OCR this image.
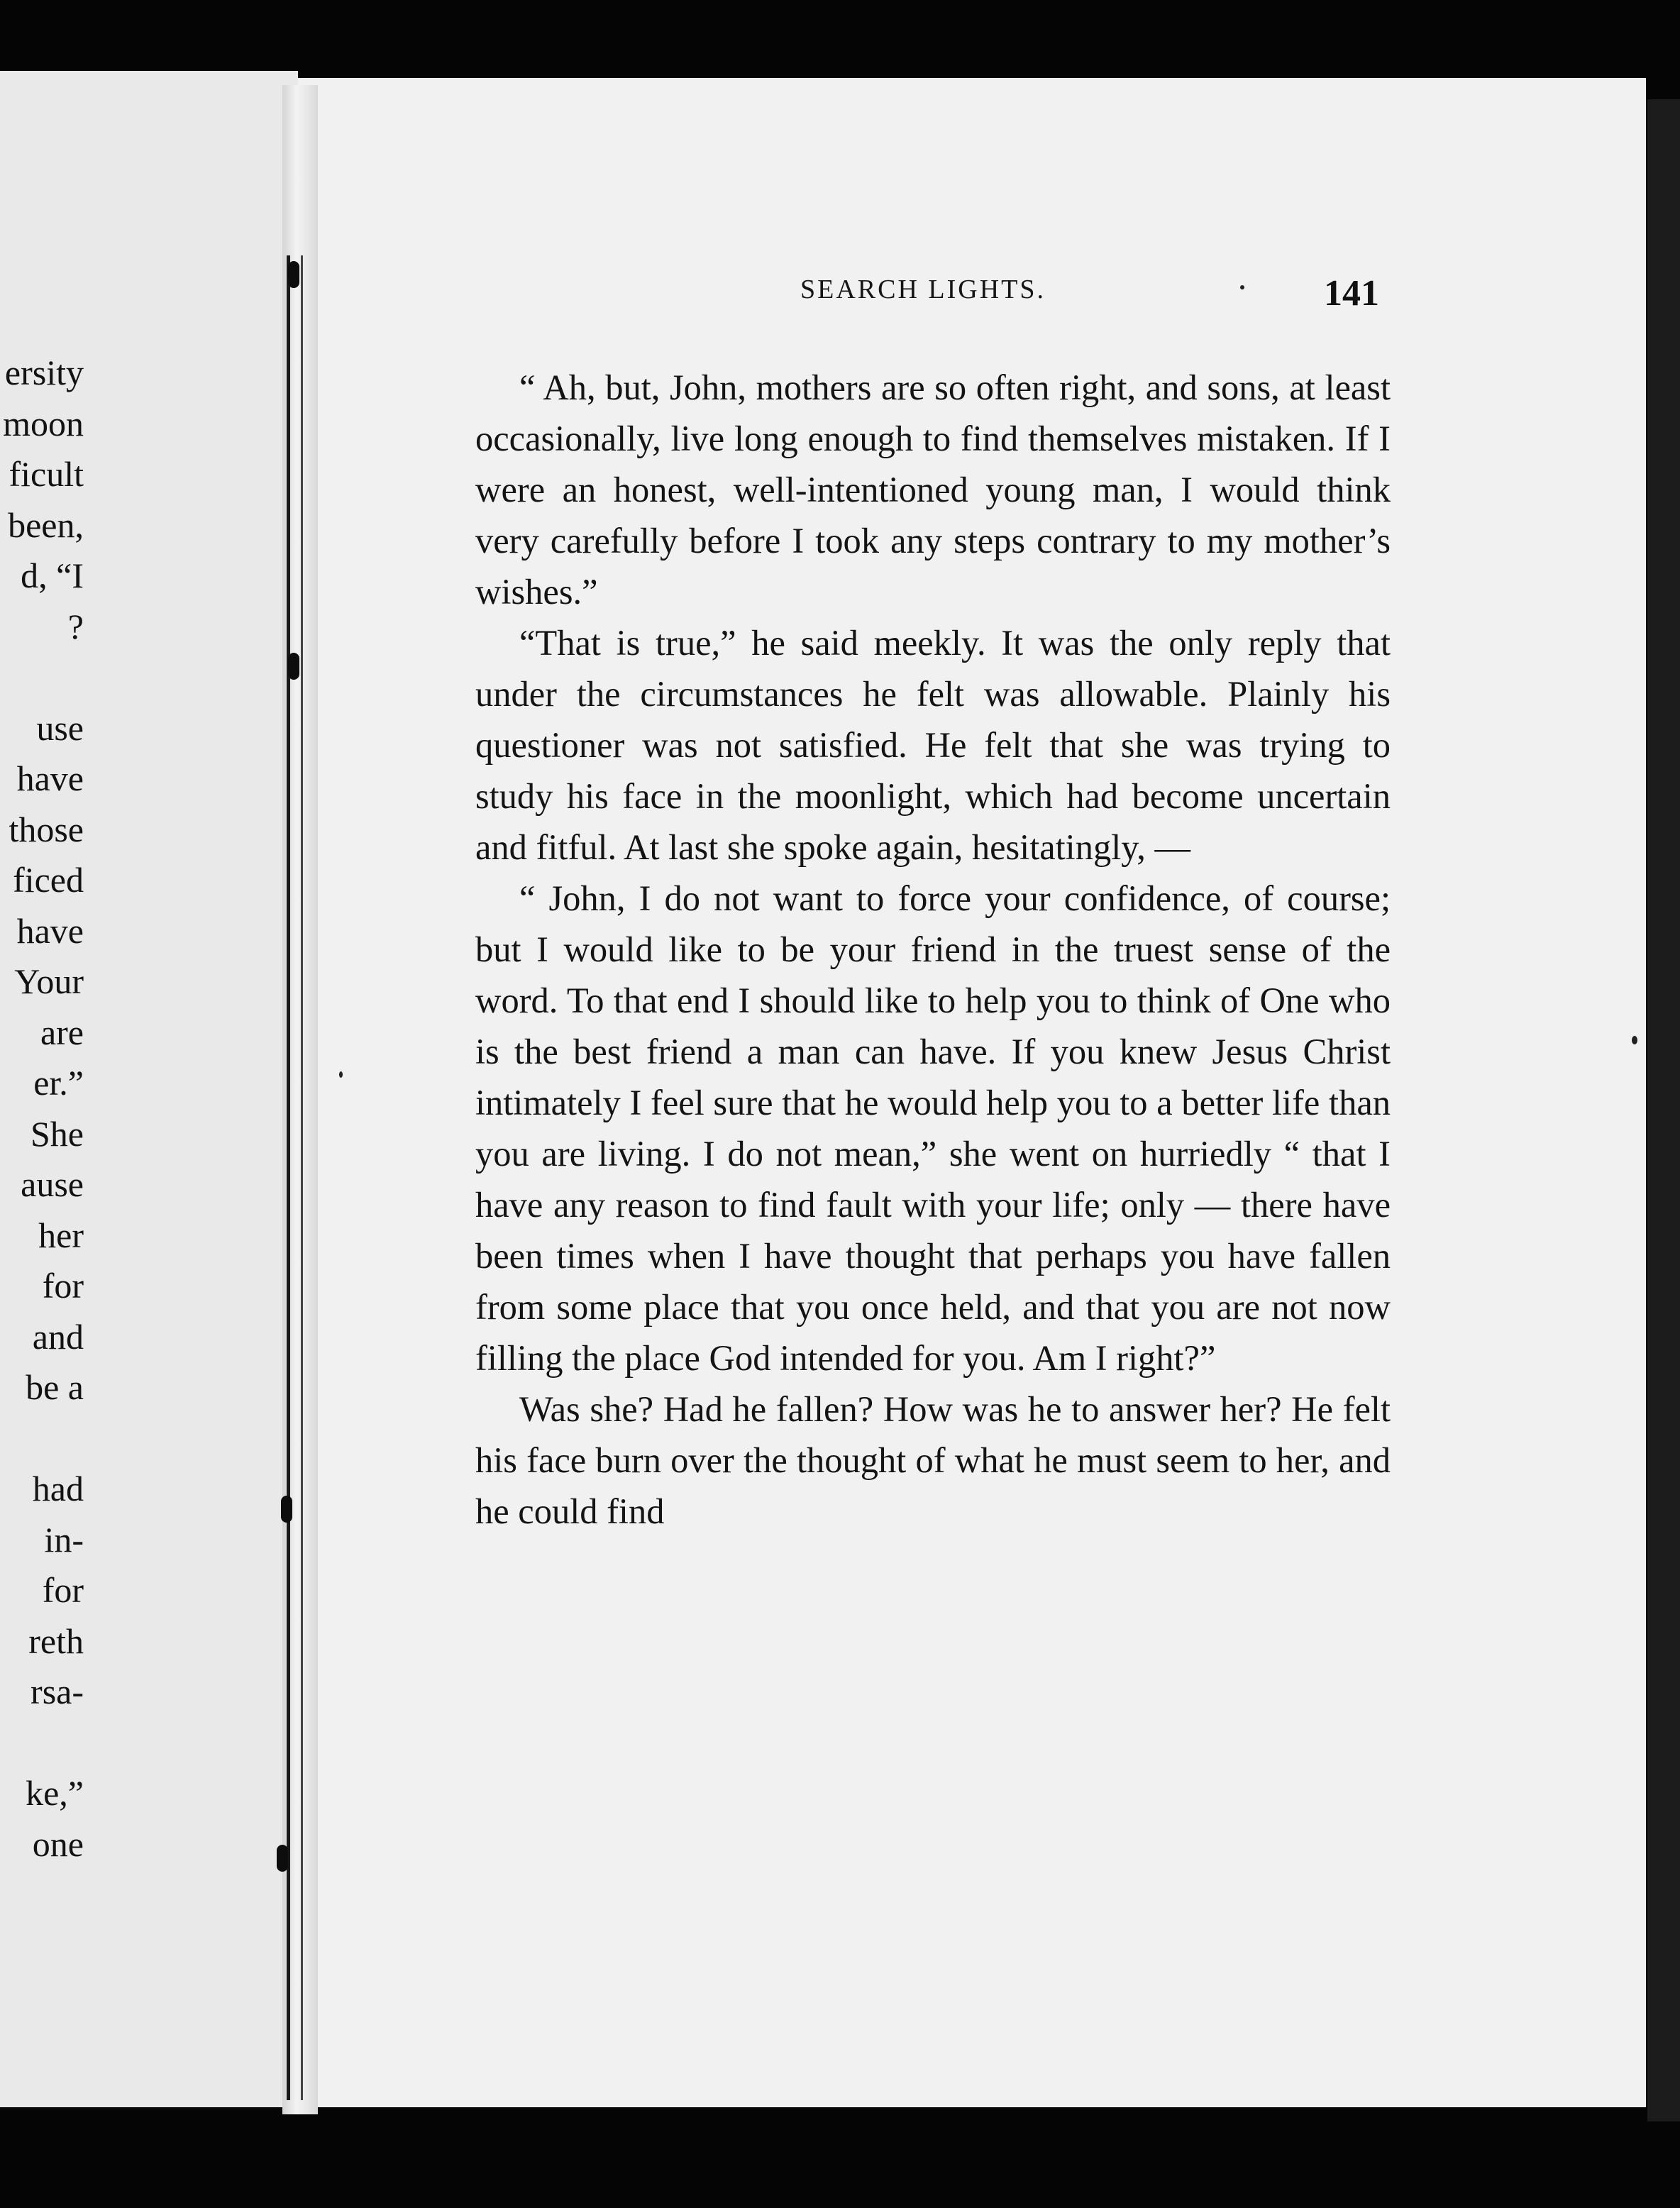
ersity
moon
ficult
been,
d, “I
?
use
have
those
ficed
have
Your
are
er.”
She
ause
her
for
and
be a
had
in-
for
reth
rsa-
ke,”
one
SEARCH LIGHTS.	141

“ Ah, but, John, mothers are so often right, and sons, at least occasionally, live long enough to find themselves mistaken. If I were an honest, well-intentioned young man, I would think very carefully before I took any steps contrary to my mother’s wishes.”

“That is true,” he said meekly. It was the only reply that under the circumstances he felt was allowable. Plainly his questioner was not satisfied. He felt that she was trying to study his face in the moonlight, which had become uncertain and fitful. At last she spoke again, hesitatingly, —

“ John, I do not want to force your confidence, of course; but I would like to be your friend in the truest sense of the word. To that end I should like to help you to think of One who is the best friend a man can have. If you knew Jesus Christ intimately I feel sure that he would help you to a better life than you are living. I do not mean,” she went on hurriedly “ that I have any reason to find fault with your life; only — there have been times when I have thought that perhaps you have fallen from some place that you once held, and that you are not now filling the place God intended for you. Am I right?”

Was she? Had he fallen? How was he to answer her? He felt his face burn over the thought of what he must seem to her, and he could find
